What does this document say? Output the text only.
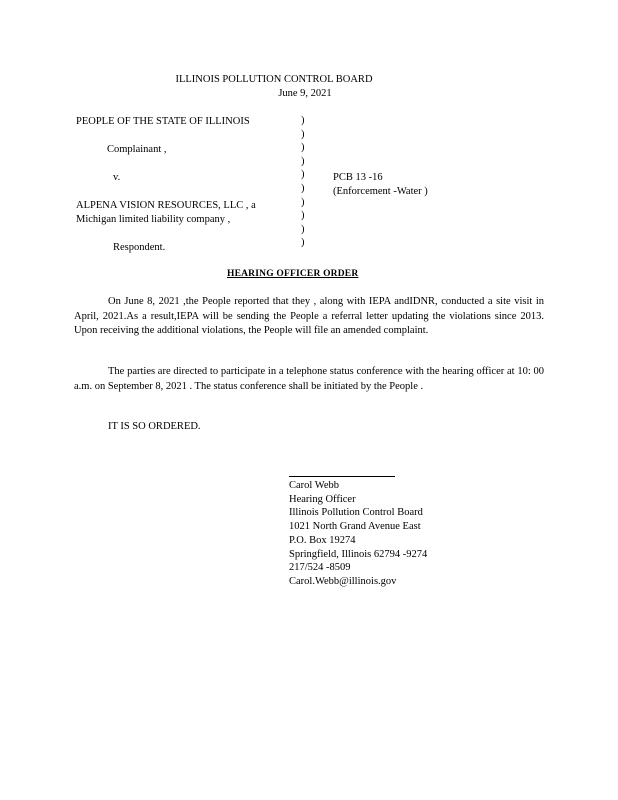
ILLINOIS POLLUTION CONTROL BOARD
June 9, 2021
PEOPLE OF THE STATE OF ILLINOIS
Complainant ,
v.
ALPENA VISION RESOURCES, LLC , a
Michigan limited liability company ,
Respondent.
)
)
)
)
)
)
)
)
)
)
PCB 13 -16
(Enforcement -Water )
HEARING OFFICER ORDER
On June 8, 2021 ,the People reported that they , along with IEPA andIDNR, conducted a site visit in April, 2021.As a result,IEPA will be sending the People a referral letter updating the violations since 2013. Upon receiving the additional violations, the People will file an amended complaint.
The parties are directed to participate in a telephone status conference with the hearing officer at 10: 00 a.m. on September 8, 2021 . The status conference shall be initiated by the People .
IT IS SO ORDERED.
Carol Webb
Hearing Officer
Illinois Pollution Control Board
1021 North Grand Avenue East
P.O. Box 19274
Springfield, Illinois 62794 -9274
217/524 -8509
Carol.Webb@illinois.gov
